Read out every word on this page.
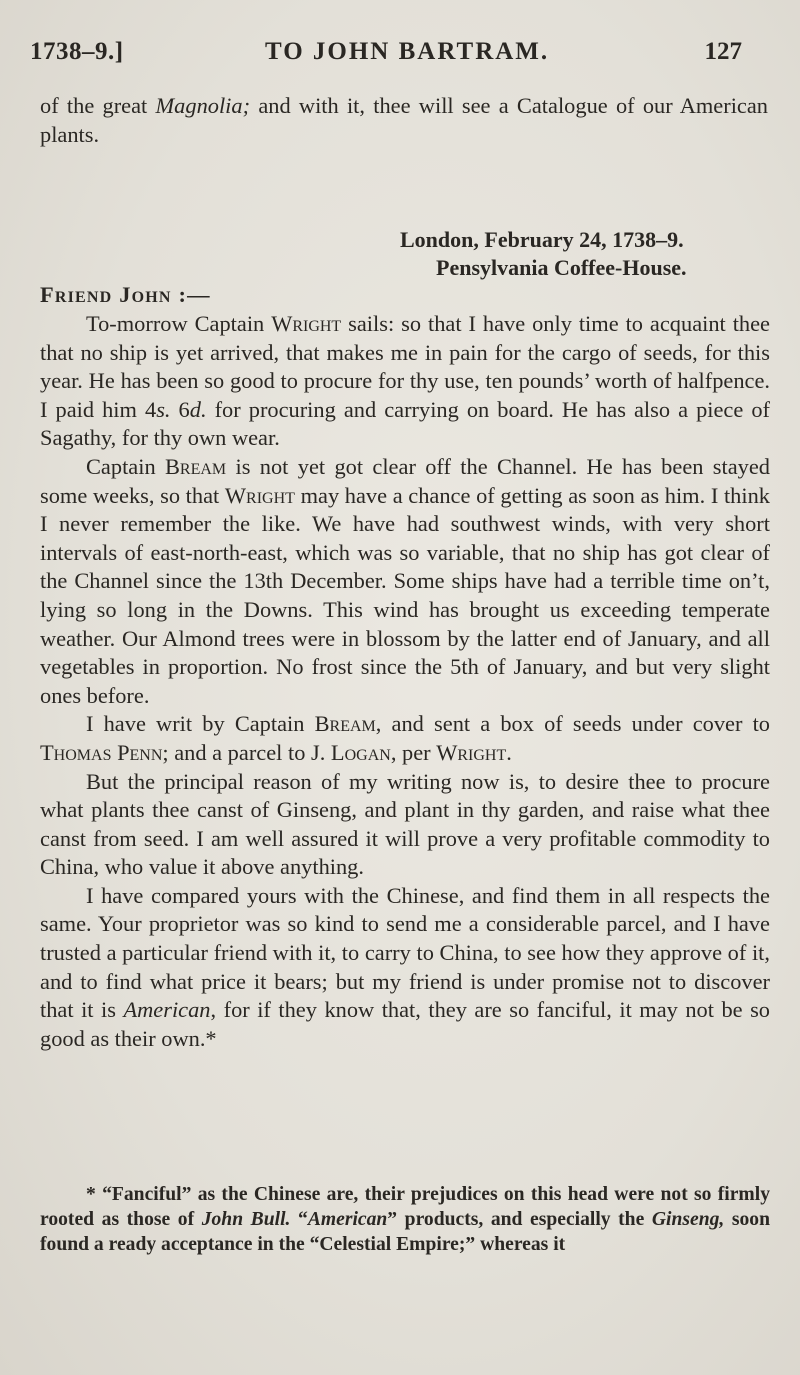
1738–9.]	TO JOHN BARTRAM.	127

of the great Magnolia; and with it, thee will see a Catalogue of our American plants.

London, February 24, 1738–9.
Pensylvania Coffee-House.
Friend John :—

To-morrow Captain Wright sails: so that I have only time to acquaint thee that no ship is yet arrived, that makes me in pain for the cargo of seeds, for this year. He has been so good to procure for thy use, ten pounds’ worth of halfpence. I paid him 4s. 6d. for procuring and carrying on board. He has also a piece of Sagathy, for thy own wear.

Captain Bream is not yet got clear off the Channel. He has been stayed some weeks, so that Wright may have a chance of getting as soon as him. I think I never remember the like. We have had southwest winds, with very short intervals of east-north-east, which was so variable, that no ship has got clear of the Channel since the 13th December. Some ships have had a terrible time on’t, lying so long in the Downs. This wind has brought us exceeding temperate weather. Our Almond trees were in blossom by the latter end of January, and all vegetables in proportion. No frost since the 5th of January, and but very slight ones before.

I have writ by Captain Bream, and sent a box of seeds under cover to Thomas Penn; and a parcel to J. Logan, per Wright.

But the principal reason of my writing now is, to desire thee to procure what plants thee canst of Ginseng, and plant in thy garden, and raise what thee canst from seed. I am well assured it will prove a very profitable commodity to China, who value it above anything.

I have compared yours with the Chinese, and find them in all respects the same. Your proprietor was so kind to send me a considerable parcel, and I have trusted a particular friend with it, to carry to China, to see how they approve of it, and to find what price it bears; but my friend is under promise not to discover that it is American, for if they know that, they are so fanciful, it may not be so good as their own.*

* “Fanciful” as the Chinese are, their prejudices on this head were not so firmly rooted as those of John Bull. “American” products, and especially the Ginseng, soon found a ready acceptance in the “Celestial Empire;” whereas it
